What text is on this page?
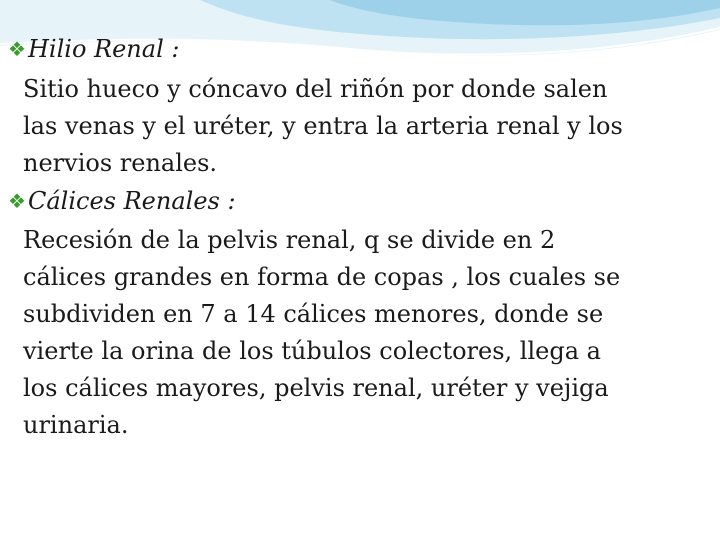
❖Hilio Renal :

Sitio hueco y cóncavo del riñón por donde salen
las venas y el uréter, y entra la arteria renal y los
nervios renales.

❖Cálices Renales :

Recesión de la pelvis renal, q se divide en 2
cálices grandes en forma de copas , los cuales se
subdividen en 7 a 14 cálices menores, donde se
vierte la orina de los túbulos colectores, llega a
los cálices mayores, pelvis renal, uréter y vejiga
urinaria.
